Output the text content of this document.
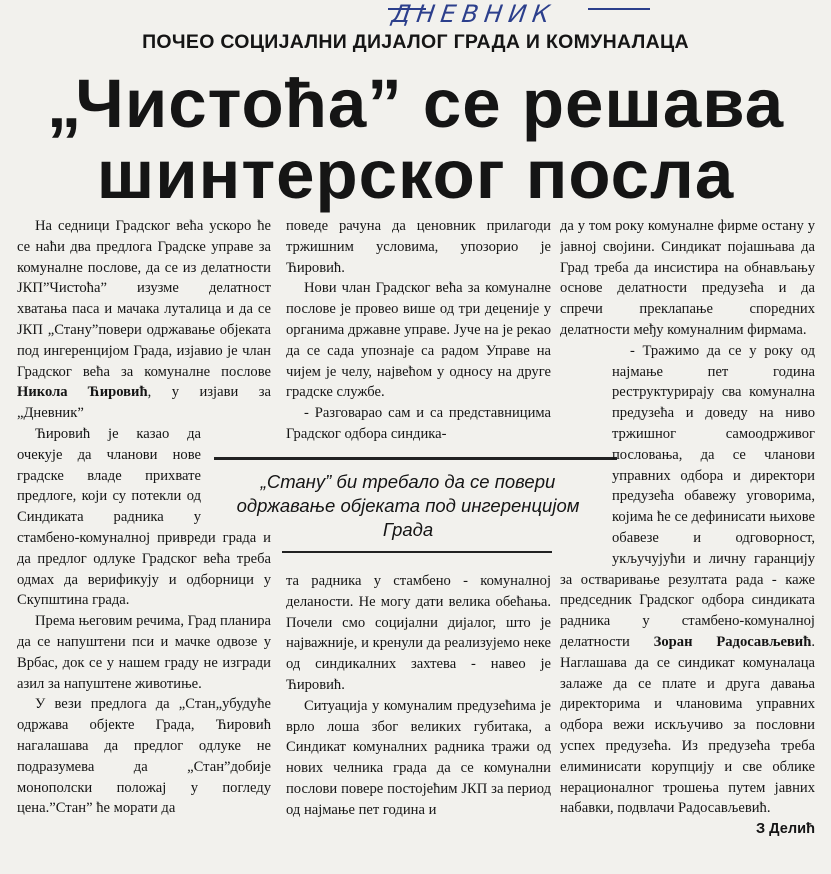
ДНЕВНИК
ПОЧЕО СОЦИЈАЛНИ ДИЈАЛОГ ГРАДА И КОМУНАЛАЦА
„Чистоћа” се решава
шинтерског посла

На седници Градског већа ускоро ће се наћи два предлога Градске управе за комуналне послове, да се из делатности ЈКП”Чистоћа” изузме делатност хватања паса и мачака луталица и да се ЈКП „Стану”повери одржавање објеката под ингеренцијом Града, изјавио је члан Градског већа за комуналне послове Никола Ћировић, у изјави за „Дневник”

Ћировић је казао да очекује да чланови нове градске владе прихвате предлоге, који су потекли од Синдиката радника у стамбено-комуналној привреди града и да предлог одлуке Градског већа треба одмах да верификују и одборници у Скупштина града.

Према његовим речима, Град планира да се напуштени пси и мачке одвозе у Врбас, док се у нашем граду не изгради азил за напуштене животиње.

У вези предлога да „Стан„убудуће одржава објекте Града, Ћировић нагалашава да предлог одлуке не подразумева да „Стан”добије монополски положај у погледу цена.”Стан” ће морати да

поведе рачуна да ценовник прилагоди тржишним условима, упозорио је Ћировић.

Нови члан Градског већа за комуналне послове је провео више од три деценије у органима државне управе. Јуче на је рекао да се сада упознаје са радом Управе на чијем је челу, највећом у односу на друге градске службе.

- Разговарао сам и са представницима Градског одбора синдика-

„Стану” би требало да се повери одржавање објеката под ингеренцијом Града

та радника у стамбено - комуналној деланости. Не могу дати велика обећања. Почели смо социјални дијалог, што је најважније, и кренули да реализујемо неке од синдикалних захтева - навео је Ћировић.

Ситуација у комуналим предузећима је врло лоша због великих губитака, а Синдикат комуналних радника тражи од нових челника града да се комунални послови поверe постојећим ЈКП за период од најмање пет година и

да у том року комуналне фирме остану у јавној својини. Синдикат појашњава да Град треба да инсистира на обнављању основе делатности предузећа и да спречи преклапање споредних делатности међу комуналним фирмама.

- Тражимо да се у року од најмање пет година реструктурирају сва комунална предузећа и доведу на ниво тржишног самоодрживог пословања, да се чланови управних одбора и директори предузећа обавежу уговорима, којима ће се дефинисати њихове обавезе и одговорност, укључујући и личну гаранцију за остваривање резултата рада - каже председник Градског одбора синдиката радника у стамбено-комуналној делатности Зоран Радосављевић. Наглашава да се синдикат комуналаца залаже да се плате и друга давања директорима и члановима управних одбора вежи искључиво за пословни успех предузећа. Из предузећа треба елиминисати корупцију и све облике нерационалног трошења путем јавних набавки, подвлачи Радосављевић.
З Делић
